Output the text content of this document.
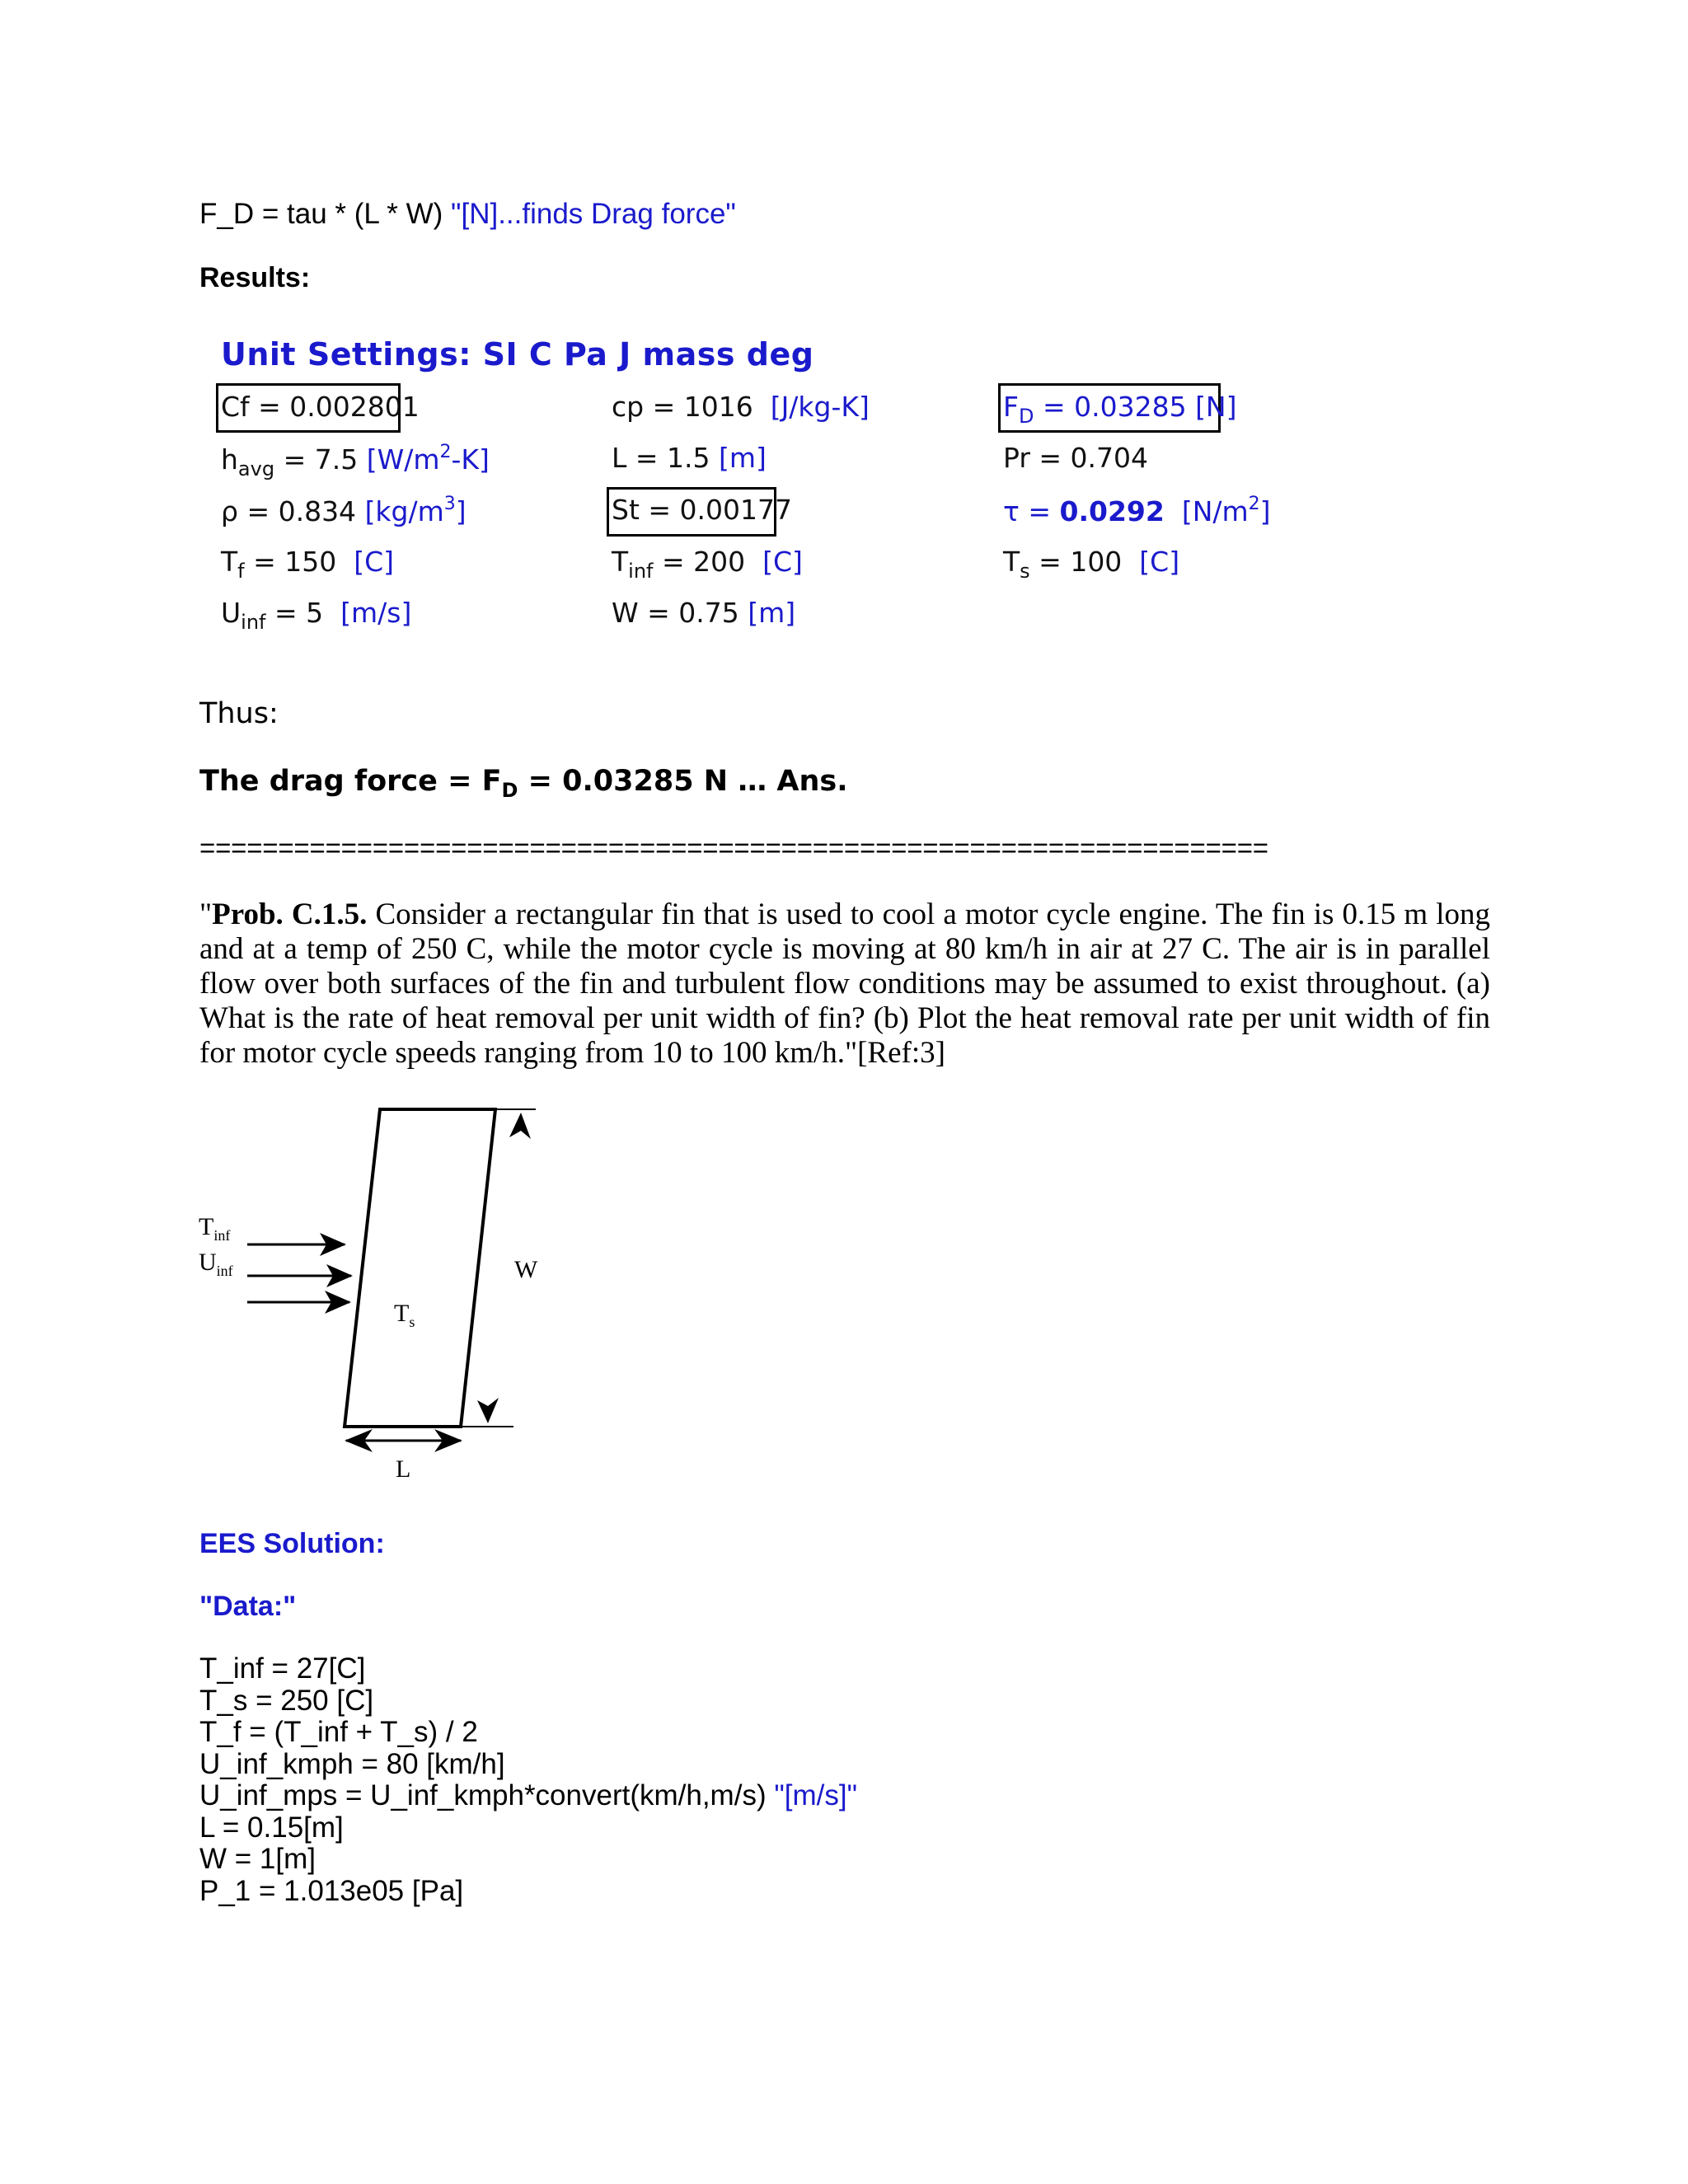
F_D = tau * (L * W) "[N]...finds Drag force"
Results:
Unit Settings: SI C Pa J mass deg
Cf = 0.002801
$h_{avg} = 7.5$ $[W/m^2-K]$
ρ = 0.834 $[kg/m^3]$
$T_f = 150$ [C]
$U_{inf} = 5$ [m/s]
cp = 1016 [J/kg-K]
L = 1.5 [m]
St = 0.00177
$T_{inf} = 200$ [C]
W = 0.75 [m]
$F_D = 0.03285$ [N]
Pr = 0.704
τ = 0.0292 $[N/m^2]$
$T_s = 100$ [C]
Thus:
The drag force = $F_D = 0.03285$ N … Ans.
====================================================================
"Prob. C.1.5. Consider a rectangular fin that is used to cool a motor cycle engine. The fin is 0.15 m long and at a temp of 250 C, while the motor cycle is moving at 80 km/h in air at 27 C. The air is in parallel flow over both surfaces of the fin and turbulent flow conditions may be assumed to exist throughout. (a) What is the rate of heat removal per unit width of fin? (b) Plot the heat removal rate per unit width of fin for motor cycle speeds ranging from 10 to 100 km/h."[Ref:3]
$T_{inf}$
$U_{inf}$
$T_s$
W
L
EES Solution:
"Data:"
T_inf = 27[C]
T_s = 250 [C]
T_f = (T_inf + T_s) / 2
U_inf_kmph = 80 [km/h]
U_inf_mps = U_inf_kmph*convert(km/h,m/s) "[m/s]"
L = 0.15[m]
W = 1[m]
P_1 = 1.013e05 [Pa]
